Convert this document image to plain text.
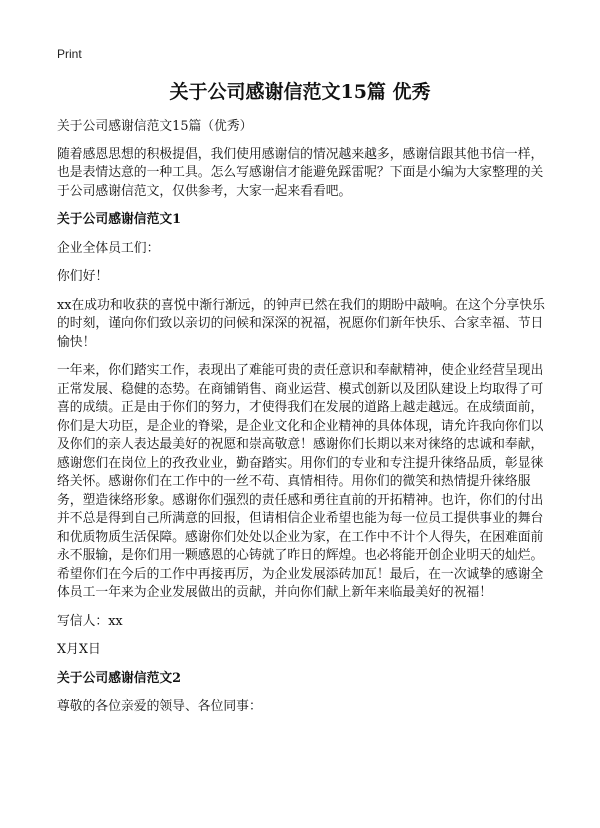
Print
关于公司感谢信范文15篇 优秀

关于公司感谢信范文15篇（优秀）

随着感恩思想的积极提倡，我们使用感谢信的情况越来越多，感谢信跟其他书信一样，也是表情达意的一种工具。怎么写感谢信才能避免踩雷呢？下面是小编为大家整理的关于公司感谢信范文，仅供参考，大家一起来看看吧。

关于公司感谢信范文1

企业全体员工们：

你们好！

xx在成功和收获的喜悦中渐行渐远，的钟声已然在我们的期盼中敲响。在这个分享快乐的时刻，谨向你们致以亲切的问候和深深的祝福，祝愿你们新年快乐、合家幸福、节日愉快！

一年来，你们踏实工作，表现出了难能可贵的责任意识和奉献精神，使企业经营呈现出正常发展、稳健的态势。在商铺销售、商业运营、模式创新以及团队建设上均取得了可喜的成绩。正是由于你们的努力，才使得我们在发展的道路上越走越远。在成绩面前，你们是大功臣，是企业的脊梁，是企业文化和企业精神的具体体现，请允许我向你们以及你们的亲人表达最美好的祝愿和崇高敬意！感谢你们长期以来对徕络的忠诚和奉献，感谢您们在岗位上的孜孜业业，勤奋踏实。用你们的专业和专注提升徕络品质，彰显徕络关怀。感谢你们在工作中的一丝不苟、真情相待。用你们的微笑和热情提升徕络服务，塑造徕络形象。感谢你们强烈的责任感和勇往直前的开拓精神。也许，你们的付出并不总是得到自己所满意的回报，但请相信企业希望也能为每一位员工提供事业的舞台和优质物质生活保障。感谢你们处处以企业为家，在工作中不计个人得失，在困难面前永不服输，是你们用一颗感恩的心铸就了昨日的辉煌。也必将能开创企业明天的灿烂。希望你们在今后的工作中再接再厉，为企业发展添砖加瓦！最后，在一次诚挚的感谢全体员工一年来为企业发展做出的贡献，并向你们献上新年来临最美好的祝福！

写信人：xx

X月X日

关于公司感谢信范文2

尊敬的各位亲爱的领导、各位同事：
